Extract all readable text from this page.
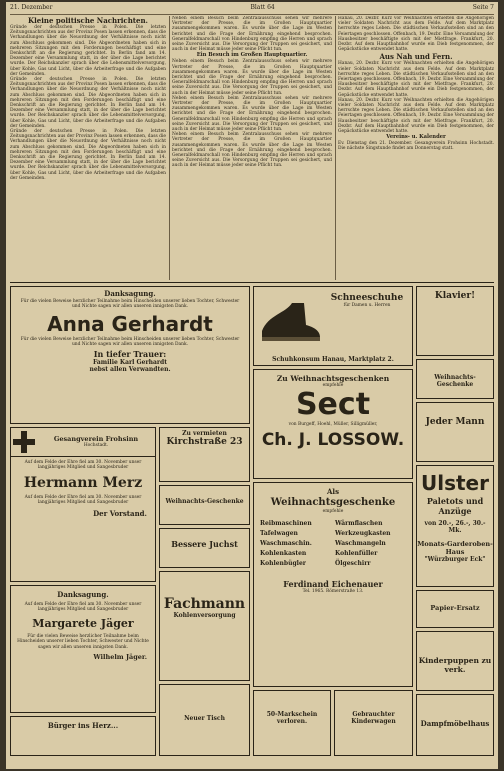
21. Dezember	Blatt 64	Seite 7
Kleine politische Nachrichten.
Gründe der deutschen Presse in Polen. Die letzten Zeitungsnachrichten aus der Provinz Posen lassen erkennen, dass die Verhandlungen über die Neuordnung der Verhältnisse noch nicht zum Abschluss gekommen sind. Die Abgeordneten haben sich in mehreren Sitzungen mit den Forderungen beschäftigt und eine Denkschrift an die Regierung gerichtet. In Berlin fand am 14. Dezember eine Versammlung statt, in der über die Lage berichtet wurde. Der Reichskanzler sprach über die Lebensmittelversorgung, über Kohle, Gas und Licht, über die Arbeiterfrage und die Aufgaben der Gemeinden.
Gründe der deutschen Presse in Polen. Die letzten Zeitungsnachrichten aus der Provinz Posen lassen erkennen, dass die Verhandlungen über die Neuordnung der Verhältnisse noch nicht zum Abschluss gekommen sind. Die Abgeordneten haben sich in mehreren Sitzungen mit den Forderungen beschäftigt und eine Denkschrift an die Regierung gerichtet. In Berlin fand am 14. Dezember eine Versammlung statt, in der über die Lage berichtet wurde. Der Reichskanzler sprach über die Lebensmittelversorgung, über Kohle, Gas und Licht, über die Arbeiterfrage und die Aufgaben der Gemeinden.
Gründe der deutschen Presse in Polen. Die letzten Zeitungsnachrichten aus der Provinz Posen lassen erkennen, dass die Verhandlungen über die Neuordnung der Verhältnisse noch nicht zum Abschluss gekommen sind. Die Abgeordneten haben sich in mehreren Sitzungen mit den Forderungen beschäftigt und eine Denkschrift an die Regierung gerichtet. In Berlin fand am 14. Dezember eine Versammlung statt, in der über die Lage berichtet wurde. Der Reichskanzler sprach über die Lebensmittelversorgung, über Kohle, Gas und Licht, über die Arbeiterfrage und die Aufgaben der Gemeinden.
Neben einem Besuch beim Zentralausschuss sehen wir mehrere Vertreter der Presse, die im Großen Hauptquartier zusammengekommen waren. Es wurde über die Lage im Westen berichtet und die Frage der Ernährung eingehend besprochen. Generalfeldmarschall von Hindenburg empfing die Herren und sprach seine Zuversicht aus. Die Versorgung der Truppen sei gesichert, und auch in der Heimat müsse jeder seine Pflicht tun.
Ein Besuch im Großen Hauptquartier.
Neben einem Besuch beim Zentralausschuss sehen wir mehrere Vertreter der Presse, die im Großen Hauptquartier zusammengekommen waren. Es wurde über die Lage im Westen berichtet und die Frage der Ernährung eingehend besprochen. Generalfeldmarschall von Hindenburg empfing die Herren und sprach seine Zuversicht aus. Die Versorgung der Truppen sei gesichert, und auch in der Heimat müsse jeder seine Pflicht tun.
Neben einem Besuch beim Zentralausschuss sehen wir mehrere Vertreter der Presse, die im Großen Hauptquartier zusammengekommen waren. Es wurde über die Lage im Westen berichtet und die Frage der Ernährung eingehend besprochen. Generalfeldmarschall von Hindenburg empfing die Herren und sprach seine Zuversicht aus. Die Versorgung der Truppen sei gesichert, und auch in der Heimat müsse jeder seine Pflicht tun.
Neben einem Besuch beim Zentralausschuss sehen wir mehrere Vertreter der Presse, die im Großen Hauptquartier zusammengekommen waren. Es wurde über die Lage im Westen berichtet und die Frage der Ernährung eingehend besprochen. Generalfeldmarschall von Hindenburg empfing die Herren und sprach seine Zuversicht aus. Die Versorgung der Truppen sei gesichert, und auch in der Heimat müsse jeder seine Pflicht tun.
Hanau, 20. Dezbr. Kurz vor Weihnachten erhielten die Angehörigen vieler Soldaten Nachricht aus dem Felde. Auf dem Marktplatz herrschte reges Leben. Die städtischen Verkaufsstellen sind an den Feiertagen geschlossen. Offenbach, 19. Dezbr. Eine Versammlung der Hausbesitzer beschäftigte sich mit der Mietfrage. Frankfurt, 20. Dezbr. Auf dem Hauptbahnhof wurde ein Dieb festgenommen, der Gepäckstücke entwendet hatte.
Aus Nah und Fern.
Hanau, 20. Dezbr. Kurz vor Weihnachten erhielten die Angehörigen vieler Soldaten Nachricht aus dem Felde. Auf dem Marktplatz herrschte reges Leben. Die städtischen Verkaufsstellen sind an den Feiertagen geschlossen. Offenbach, 19. Dezbr. Eine Versammlung der Hausbesitzer beschäftigte sich mit der Mietfrage. Frankfurt, 20. Dezbr. Auf dem Hauptbahnhof wurde ein Dieb festgenommen, der Gepäckstücke entwendet hatte.
Hanau, 20. Dezbr. Kurz vor Weihnachten erhielten die Angehörigen vieler Soldaten Nachricht aus dem Felde. Auf dem Marktplatz herrschte reges Leben. Die städtischen Verkaufsstellen sind an den Feiertagen geschlossen. Offenbach, 19. Dezbr. Eine Versammlung der Hausbesitzer beschäftigte sich mit der Mietfrage. Frankfurt, 20. Dezbr. Auf dem Hauptbahnhof wurde ein Dieb festgenommen, der Gepäckstücke entwendet hatte.
Vereins- u. Kalender
Ev. Dienstag den 21. Dezember. Gesangverein Frohsinn Hochstadt. Die nächste Singstunde findet am Donnerstag statt.
Danksagung.
Für die vielen Beweise herzlicher Teilnahme beim Hinscheiden unserer lieben Tochter, Schwester und Nichte sagen wir allen unseren innigsten Dank.
Anna Gerhardt
Für die vielen Beweise herzlicher Teilnahme beim Hinscheiden unserer lieben Tochter, Schwester und Nichte sagen wir allen unseren innigsten Dank.
In tiefer Trauer:
Familie Karl Gerhardt
nebst allen Verwandten.
Gesangverein Frohsinn
Hochstadt.
Auf dem Felde der Ehre fiel am 30. November unser langjähriges Mitglied und Sangesbruder
Hermann Merz
Auf dem Felde der Ehre fiel am 30. November unser langjähriges Mitglied und Sangesbruder
Der Vorstand.
Danksagung.
Auf dem Felde der Ehre fiel am 30. November unser langjähriges Mitglied und Sangesbruder
Margarete Jäger
Für die vielen Beweise herzlicher Teilnahme beim Hinscheiden unserer lieben Tochter, Schwester und Nichte sagen wir allen unseren innigsten Dank.
Wilhelm Jäger.
Bürger ins Herz...
Zu vermieten
Kirchstraße 23
Weihnachts-Geschenke
Bessere Juchst
Fachmann
Kohlenversorgung
Neuer Tisch
Schneeschuhe
für Damen u. Herren
Schuhkonsum Hanau, Marktplatz 2.
Zu Weihnachtsgeschenken
empfehle
Sect
von Burgeff, Hoehl, Müller, Silligmüller,
Ch. J. LOSSOW.
Als
Weihnachtsgeschenke
empfehle
Reibmaschinen	Wärmflaschen
Tafelwagen	Werkzeugkasten
Waschmaschin.	Waschmangeln
Kohlenkasten	Kohlenfüller
Kohlenbügler	Ölgeschirr
Ferdinand Eichenauer
Tel. 1965. Römerstraße 13.
50-Markschein verloren.
Gebrauchter Kinderwagen
Klavier!
Weihnachts-Geschenke
Jeder Mann
Ulster
Paletots und Anzüge
von 20.-, 26.-, 30.- Mk.
Monats-Garderoben-Haus
"Würzburger Eck"
Papier-Ersatz
Kinderpuppen zu verk.
Dampfmöbelhaus
